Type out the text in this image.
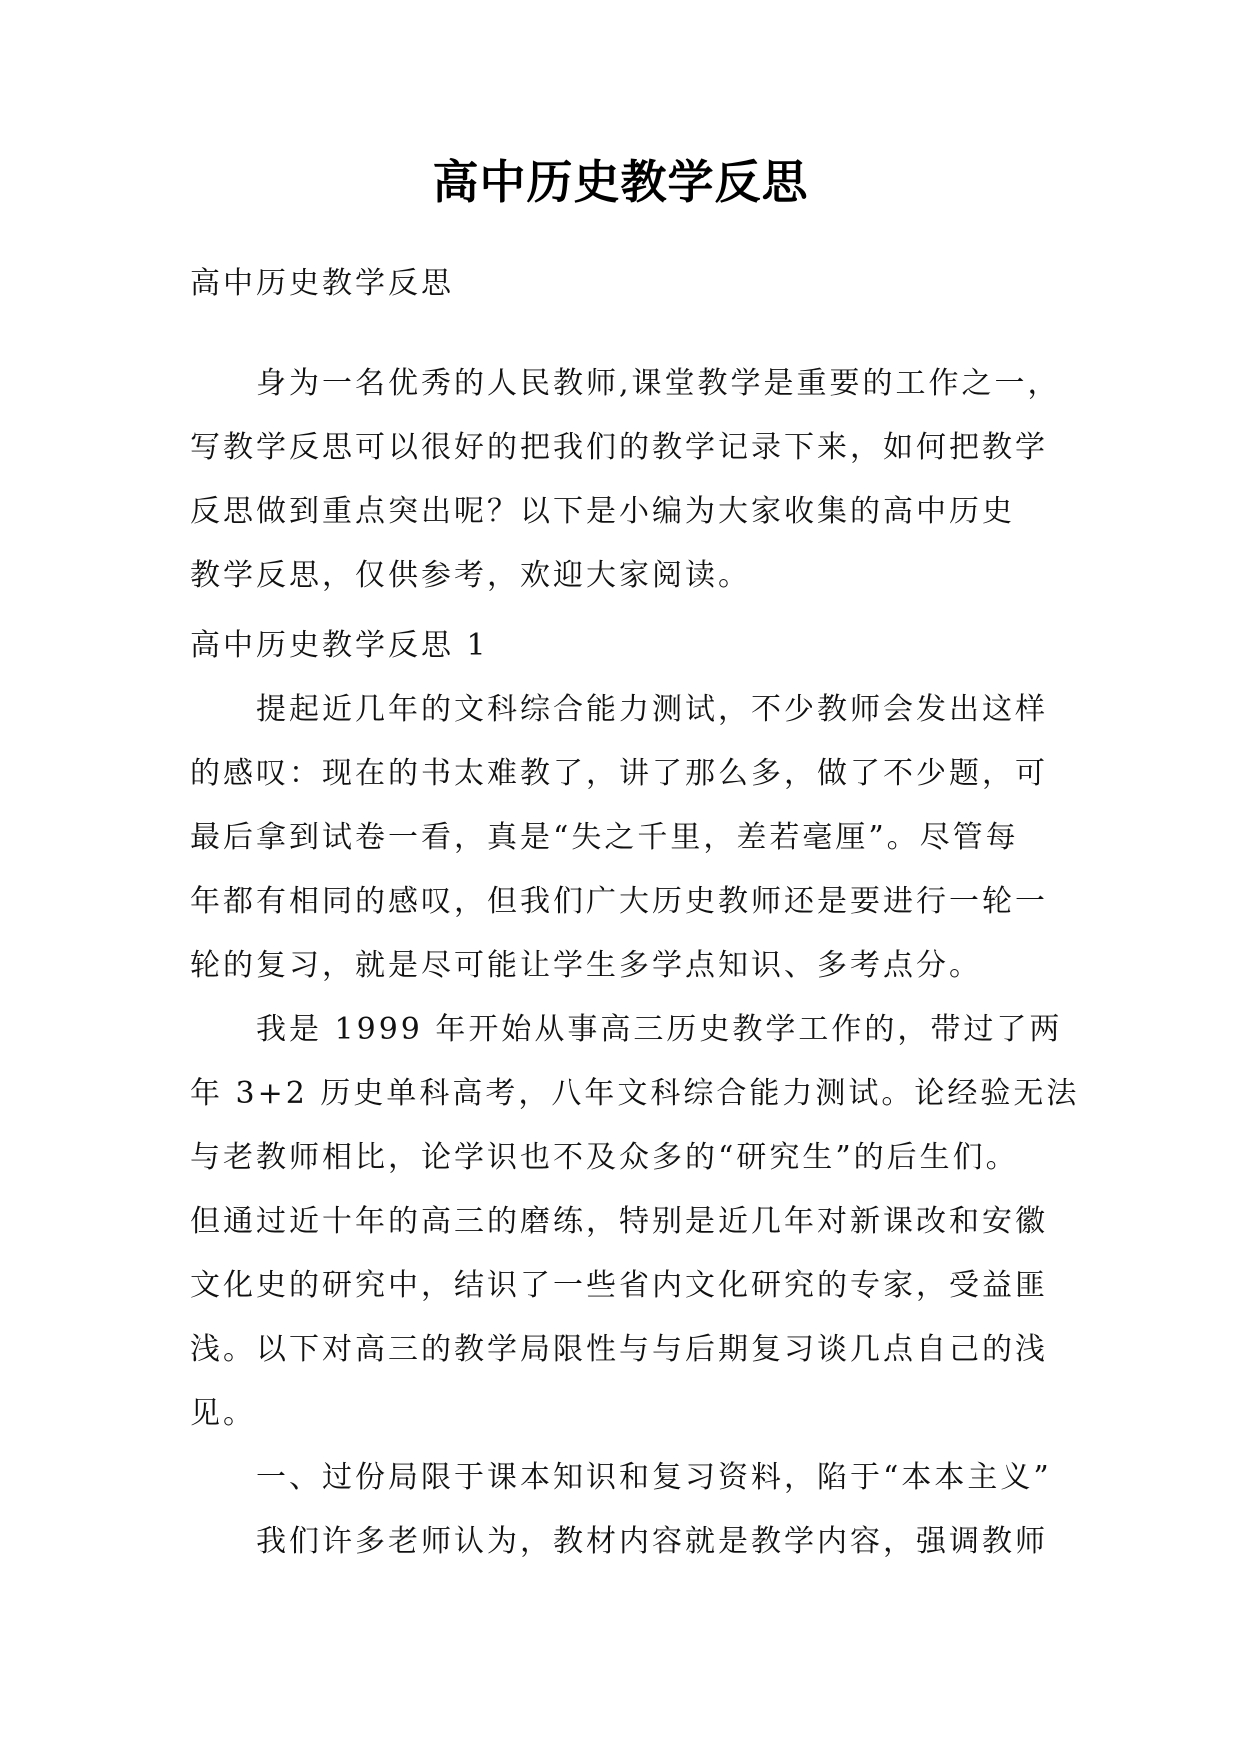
高中历史教学反思
高中历史教学反思
身为一名优秀的人民教师,课堂教学是重要的工作之一，
写教学反思可以很好的把我们的教学记录下来，如何把教学
反思做到重点突出呢？以下是小编为大家收集的高中历史
教学反思，仅供参考，欢迎大家阅读。
高中历史教学反思 1
提起近几年的文科综合能力测试，不少教师会发出这样
的感叹：现在的书太难教了，讲了那么多，做了不少题，可
最后拿到试卷一看，真是“失之千里，差若毫厘”。尽管每
年都有相同的感叹，但我们广大历史教师还是要进行一轮一
轮的复习，就是尽可能让学生多学点知识、多考点分。
我是 1999 年开始从事高三历史教学工作的，带过了两
年 3+2 历史单科高考，八年文科综合能力测试。论经验无法
与老教师相比，论学识也不及众多的“研究生”的后生们。
但通过近十年的高三的磨练，特别是近几年对新课改和安徽
文化史的研究中，结识了一些省内文化研究的专家，受益匪
浅。以下对高三的教学局限性与与后期复习谈几点自己的浅
见。
一、过份局限于课本知识和复习资料，陷于“本本主义”
我们许多老师认为，教材内容就是教学内容，强调教师
